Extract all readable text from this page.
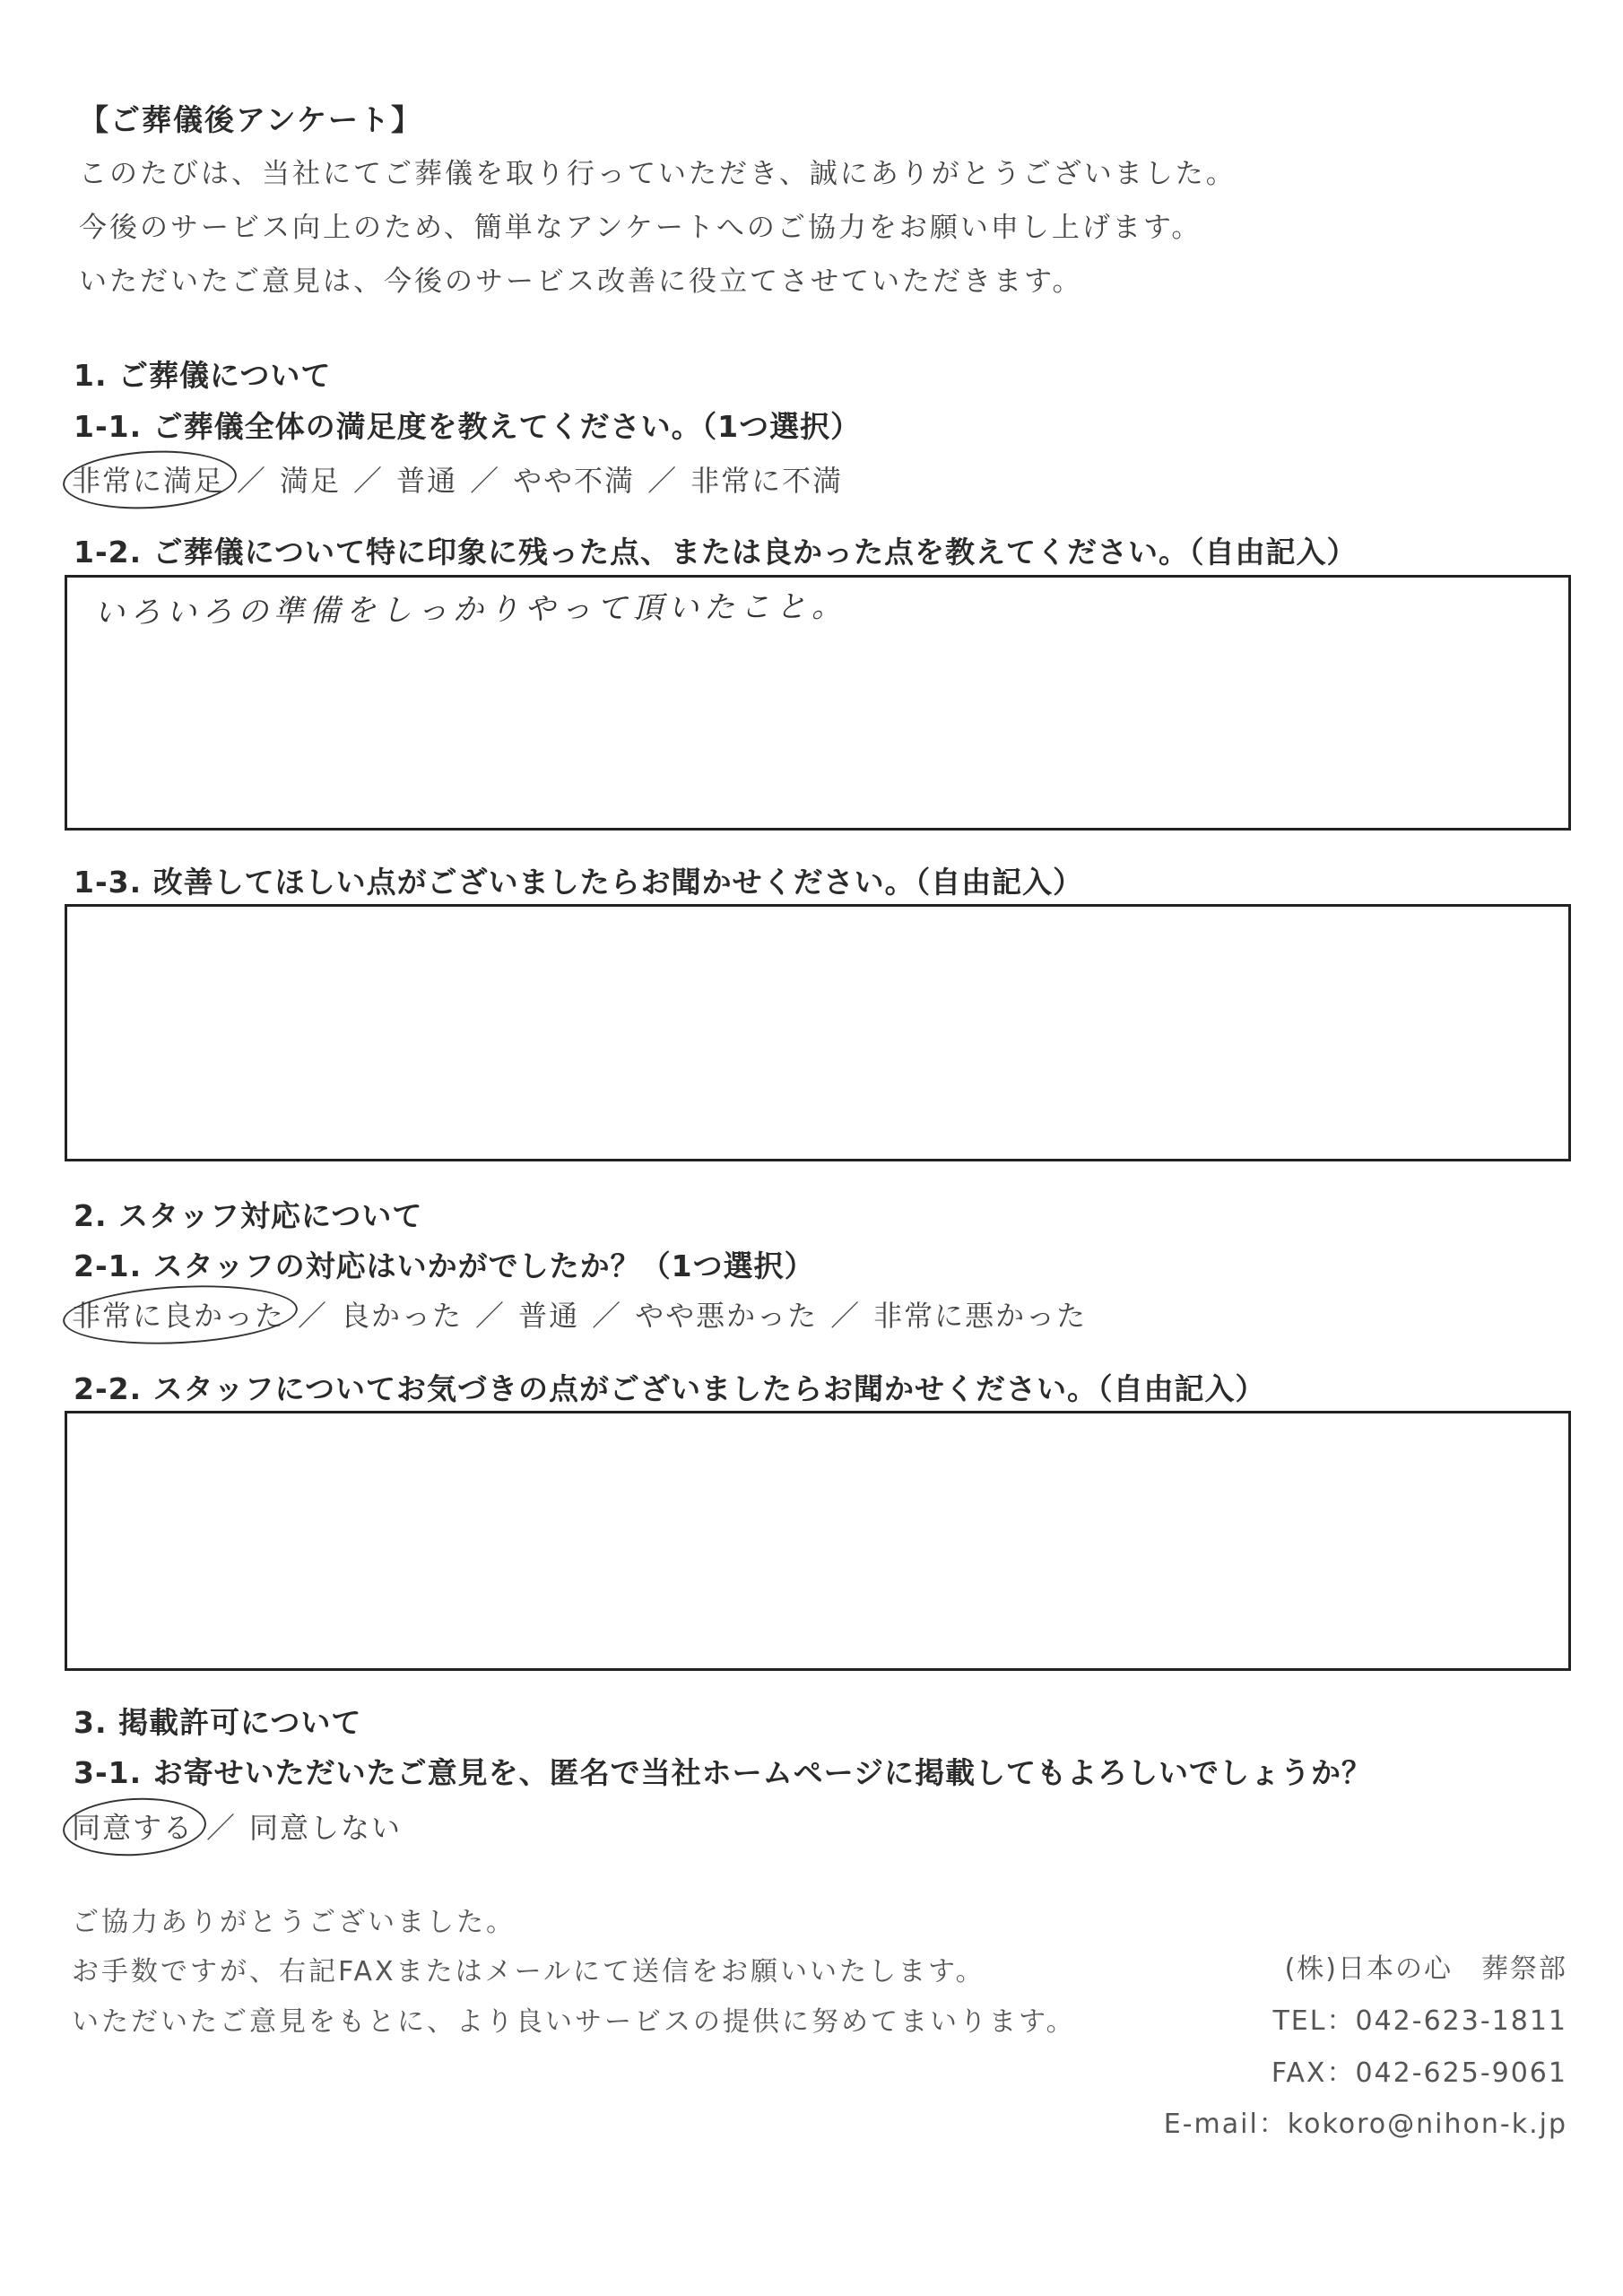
【ご葬儀後アンケート】
このたびは、当社にてご葬儀を取り行っていただき、誠にありがとうございました。
今後のサービス向上のため、簡単なアンケートへのご協力をお願い申し上げます。
いただいたご意見は、今後のサービス改善に役立てさせていただきます。
1. ご葬儀について
1-1. ご葬儀全体の満足度を教えてください。（1つ選択）
非常に満足 ／ 満足 ／ 普通 ／ やや不満 ／ 非常に不満
1-2. ご葬儀について特に印象に残った点、または良かった点を教えてください。（自由記入）
いろいろの準備をしっかりやって頂いたこと。
1-3. 改善してほしい点がございましたらお聞かせください。（自由記入）
2. スタッフ対応について
2-1. スタッフの対応はいかがでしたか？（1つ選択）
非常に良かった ／ 良かった ／ 普通 ／ やや悪かった ／ 非常に悪かった
2-2. スタッフについてお気づきの点がございましたらお聞かせください。（自由記入）
3. 掲載許可について
3-1. お寄せいただいたご意見を、匿名で当社ホームページに掲載してもよろしいでしょうか？
同意する ／ 同意しない
ご協力ありがとうございました。
お手数ですが、右記FAXまたはメールにて送信をお願いいたします。
いただいたご意見をもとに、より良いサービスの提供に努めてまいります。
(株)日本の心　葬祭部
TEL：042-623-1811
FAX：042-625-9061
E-mail：kokoro@nihon-k.jp
